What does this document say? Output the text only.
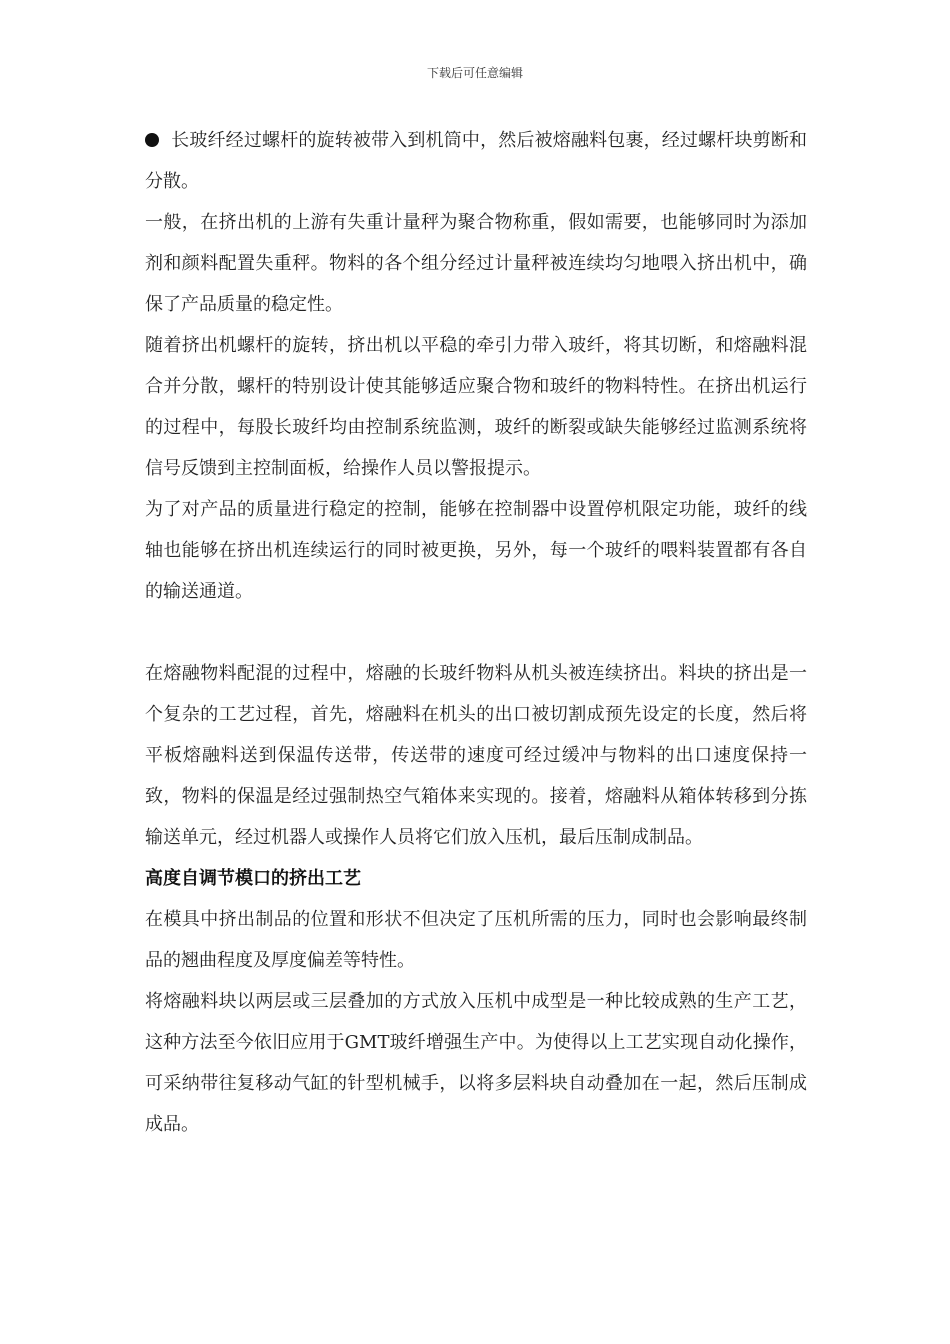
下载后可任意编辑

长玻纤经过螺杆的旋转被带入到机筒中，然后被熔融料包裹，经过螺杆块剪断和分散。

一般，在挤出机的上游有失重计量秤为聚合物称重，假如需要，也能够同时为添加剂和颜料配置失重秤。物料的各个组分经过计量秤被连续均匀地喂入挤出机中，确保了产品质量的稳定性。

随着挤出机螺杆的旋转，挤出机以平稳的牵引力带入玻纤，将其切断，和熔融料混合并分散，螺杆的特别设计使其能够适应聚合物和玻纤的物料特性。在挤出机运行的过程中，每股长玻纤均由控制系统监测，玻纤的断裂或缺失能够经过监测系统将信号反馈到主控制面板，给操作人员以警报提示。

为了对产品的质量进行稳定的控制，能够在控制器中设置停机限定功能，玻纤的线轴也能够在挤出机连续运行的同时被更换，另外，每一个玻纤的喂料装置都有各自的输送通道。

在熔融物料配混的过程中，熔融的长玻纤物料从机头被连续挤出。料块的挤出是一个复杂的工艺过程，首先，熔融料在机头的出口被切割成预先设定的长度，然后将平板熔融料送到保温传送带，传送带的速度可经过缓冲与物料的出口速度保持一致，物料的保温是经过强制热空气箱体来实现的。接着，熔融料从箱体转移到分拣输送单元，经过机器人或操作人员将它们放入压机，最后压制成制品。

高度自调节模口的挤出工艺

在模具中挤出制品的位置和形状不但决定了压机所需的压力，同时也会影响最终制品的翘曲程度及厚度偏差等特性。

将熔融料块以两层或三层叠加的方式放入压机中成型是一种比较成熟的生产工艺，这种方法至今依旧应用于GMT玻纤增强生产中。为使得以上工艺实现自动化操作，可采纳带往复移动气缸的针型机械手，以将多层料块自动叠加在一起，然后压制成成品。
